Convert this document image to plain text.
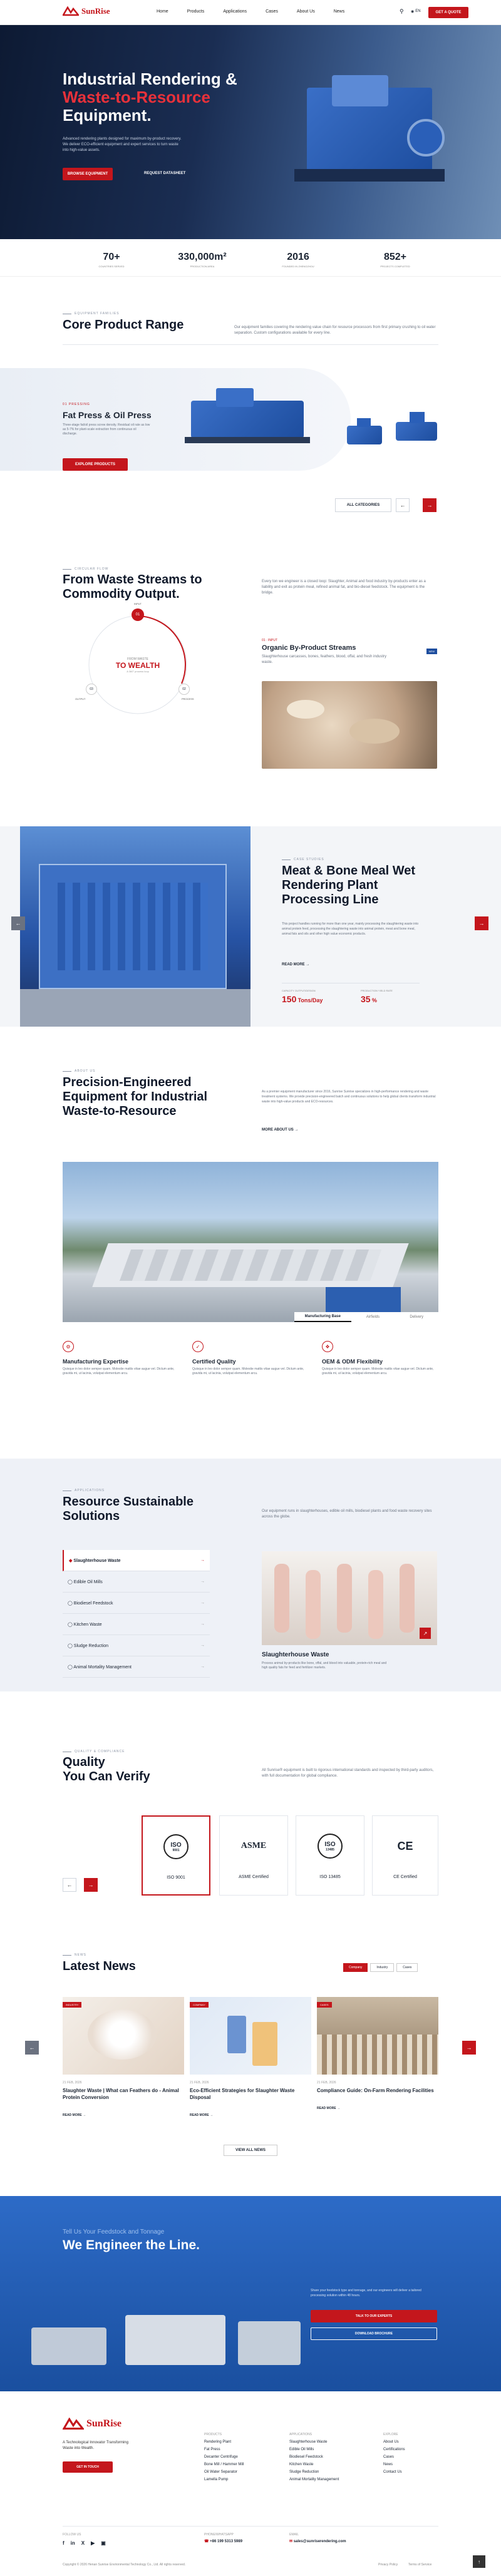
SunRise	Home	Products	Applications	Cases	About Us	News	⚲ ◉ EN	GET A QUOTE
Industrial Rendering &
Waste-to-Resource
Equipment.
Advanced rendering plants designed for maximum by-product recovery. We deliver ECO-efficient equipment and expert services to turn waste into high-value assets.
BROWSE EQUIPMENT	REQUEST DATASHEET
70+
COUNTRIES SERVED
330,000m²
PRODUCTION AREA
2016
FOUNDED IN ZHENGZHOU
852+
PROJECTS COMPLETED
EQUIPMENT FAMILIES
Core Product Range	Our equipment families covering the rendering value chain for resource processors from first primary crushing to oil water separation. Custom configurations available for every line.
01 PRESSING
Fat Press & Oil Press
Three-stage fat/oil press screw density. Residual oil rate as low as 5-7% for plant-scale extraction from continuous oil discharge.
EXPLORE PRODUCTS
ALL CATEGORIES	←	→
CIRCULAR FLOW
From Waste Streams to
Commodity Output.
Every ton we engineer is a closed loop: Slaughter, Animal and food industry by-products enter as a liability and exit as protein meal, refined animal fat, and bio-diesel feedstock. The equipment is the bridge.
FROM WASTE
TO WEALTH
A 360° process loop
INPUT
01
03
OUTPUT
02
PROCESS
01 · INPUT
Organic By-Product Streams
Slaughterhouse carcasses, bones, feathers, blood, offal, and fresh industry waste.
NEW
←	→
CASE STUDIES
Meat & Bone Meal Wet
Rendering Plant
Processing Line
This project handles running for more than one year, mainly processing the slaughtering waste into animal protein feed, processing the slaughtering waste into animal protein, meat and bone meal, animal fats and oils and other high value economic products.
READ MORE →
CAPACITY OUTPUT/DESIGN
150 Tons/Day
PRODUCTION YIELD RATE
35 %
ABOUT US
Precision-Engineered
Equipment for Industrial
Waste-to-Resource
As a premier equipment manufacturer since 2016, Sunrise Sunrise specializes in high-performance rendering and waste treatment systems. We provide precision-engineered batch and continuous solutions to help global clients transform industrial waste into high-value products and ECO-resources.
MORE ABOUT US →
Manufacturing Base	Airfields	Delivery
⚙
Manufacturing Expertise
Quisque in leo dolor semper quam. Molestie mattis vitae augue vel. Dictum ante, gravida mi, ut lacinia, volutpat elementum arcu.
✓
Certified Quality
Quisque in leo dolor semper quam. Molestie mattis vitae augue vel. Dictum ante, gravida mi, ut lacinia, volutpat elementum arcu.
❖
OEM & ODM Flexibility
Quisque in leo dolor semper quam. Molestie mattis vitae augue vel. Dictum ante, gravida mi, ut lacinia, volutpat elementum arcu.
APPLICATIONS
Resource Sustainable
Solutions	Our equipment runs in slaughterhouses, edible oil mills, biodiesel plants and food waste recovery sites across the globe.
◆ Slaughterhouse Waste	→
◯ Edible Oil Mills	→
◯ Biodiesel Feedstock	→
◯ Kitchen Waste	→
◯ Sludge Reduction	→
◯ Animal Mortality Management	→
↗
Slaughterhouse Waste
Process animal by-products like bone, offal, and blood into valuable, protein-rich meal and high quality fats for feed and fertilizer markets.
QUALITY & COMPLIANCE
Quality
You Can Verify	All Sunrise® equipment is built to rigorous international standards and inspected by third-party auditors, with full documentation for global compliance.
←	→
ISO
9001
ISO 9001
ASME
ASME Certified
ISO
13485
ISO 13485
CE
CE Certified
NEWS
Latest News	Company	Industry	Cases
←	→
INDUSTRY
21 FEB, 2026
Slaughter Waste | What can Feathers do - Animal Protein Conversion
READ MORE →
COMPANY
21 FEB, 2026
Eco-Efficient Strategies for Slaughter Waste Disposal
READ MORE →
CASES
21 FEB, 2026
Compliance Guide: On-Farm Rendering Facilities
READ MORE →
VIEW ALL NEWS
Tell Us Your Feedstock and Tonnage
We Engineer the Line.
Share your feedstock type and tonnage, and our engineers will deliver a tailored processing solution within 48 hours.
TALK TO OUR EXPERTS
DOWNLOAD BROCHURE
SunRise
A Technological Innovator Transforming Waste into Wealth.
GET IN TOUCH
PRODUCTS
Rendering Plant
Fat Press
Decanter Centrifuge
Bone Mill / Hammer Mill
Oil Water Separator
Lamella Pump
APPLICATIONS
Slaughterhouse Waste
Edible Oil Mills
Biodiesel Feedstock
Kitchen Waste
Sludge Reduction
Animal Mortality Management
EXPLORE
About Us
Certifications
Cases
News
Contact Us
FOLLOW US
f in X ▶ ▣
PHONE/WHATSAPP
☎ +86 199 5313 5989
EMAIL
✉ sales@sunriserendering.com
Copyright © 2026 Henan Sunrise Environmental Technology Co., Ltd. All rights reserved.	Privacy Policy	Terms of Service
↑
